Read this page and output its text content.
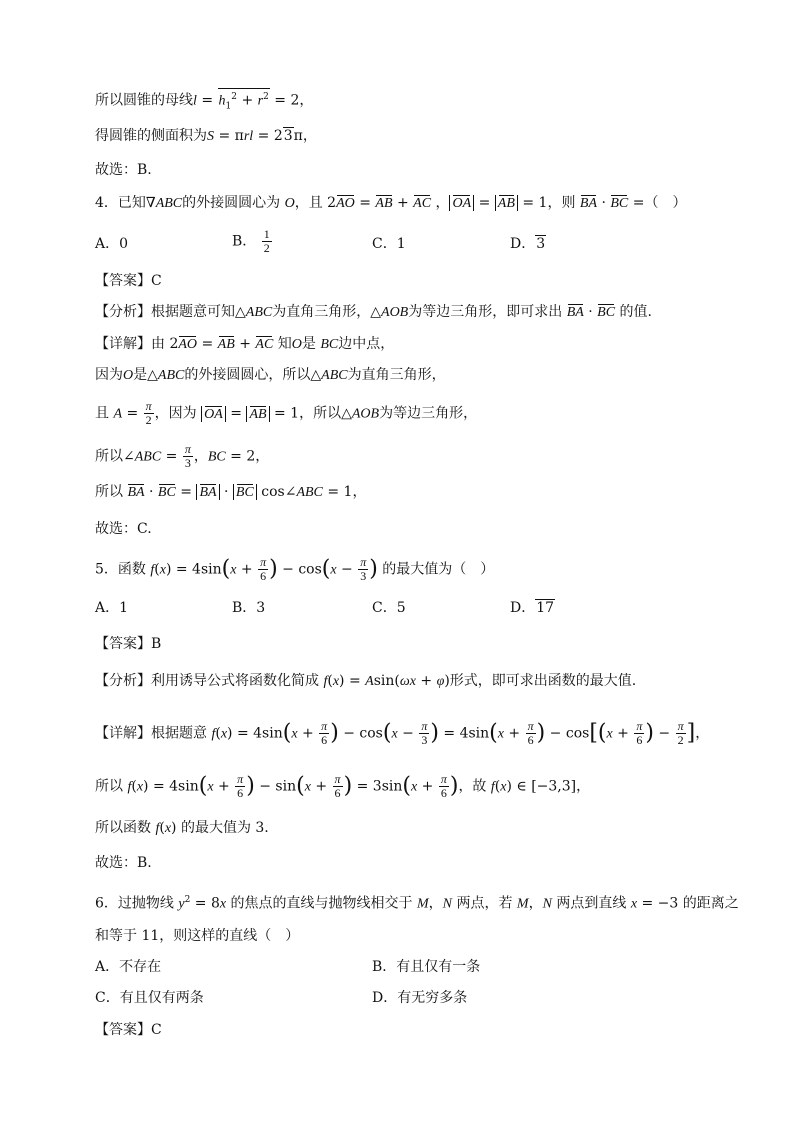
所以圆锥的母线$l = h_1^2 + r^2 = 2$，
得圆锥的侧面积为S = πrl = 23π，
故选：B.
4．已知∇ABC的外接圆圆心为 O，且 2AO = AB + AC ， OA = AB = 1，则 BA · BC =（　）
A．0	B． $\frac{1}{2}$	C．1	D．3
【答案】C
【分析】根据题意可知△ABC为直角三角形，△AOB为等边三角形，即可求出 BA · BC 的值.
【详解】由 2AO = AB + AC 知O是 BC边中点，
因为O是△ABC的外接圆圆心，所以△ABC为直角三角形，
且 $A = \frac{\pi}{2}$ ，因为 OA = AB = 1，所以△AOB为等边三角形，
所以∠ABC = $\frac{\pi}{3}$ ，BC = 2，
所以 BA · BC = BA · BC cos∠ABC = 1，
故选：C.
5．函数 $f(x) = 4\sin(x + \frac{\pi}{6}$ ) − $\cos(x - \frac{\pi}{3}$ ) 的最大值为（　）
A．1	B．3	C．5	D．17
【答案】B
【分析】利用诱导公式将函数化简成 f(x) = Asin(ωx + φ)形式，即可求出函数的最大值.
【详解】根据题意 $f(x) = 4\sin(x + \frac{\pi}{6}$ ) − $\cos(x - \frac{\pi}{3}$ ) = $4\sin(x + \frac{\pi}{6}$ ) − $\cos[(x + \frac{\pi}{6}$ ) − $\frac{\pi}{2}$ ]，
所以 $f(x) = 4\sin(x + \frac{\pi}{6}$ ) − $\sin(x + \frac{\pi}{6}$ ) = $3\sin(x + \frac{\pi}{6}$ )，故 f(x) ∈ [−3,3]，
所以函数 f(x) 的最大值为 3.
故选：B.
6．过抛物线 $y^2 = 8x$ 的焦点的直线与抛物线相交于 M，N 两点，若 M，N 两点到直线 x = −3 的距离之
和等于 11，则这样的直线（　）
A．不存在	B．有且仅有一条
C．有且仅有两条	D．有无穷多条
【答案】C
